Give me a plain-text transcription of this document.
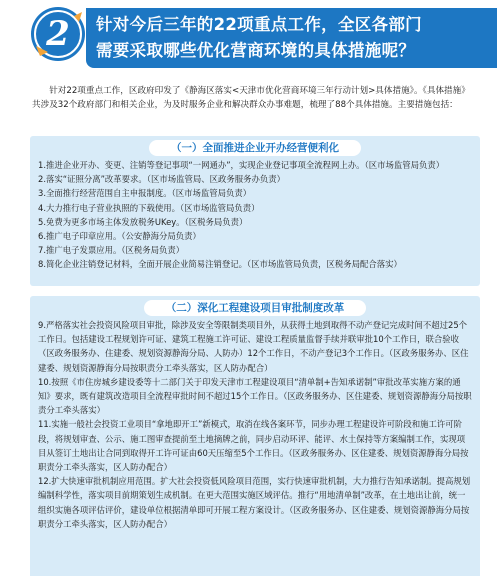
2	针对今后三年的22项重点工作，全区各部门
需要采取哪些优化营商环境的具体措施呢？
针对22项重点工作，区政府印发了《静海区落实<天津市优化营商环境三年行动计划>具体措施》。《具体措施》共涉及32个政府部门和相关企业，为及时服务企业和解决群众办事难题，梳理了88个具体措施。主要措施包括：
（一）全面推进企业开办经营便利化
1.推进企业开办、变更、注销等登记事项“一网通办”，实现企业登记事项全流程网上办。（区市场监管局负责）
2.落实“证照分离”改革要求。（区市场监管局、区政务服务办负责）
3.全面推行经营范围自主申报制度。（区市场监管局负责）
4.大力推行电子营业执照的下载使用。（区市场监管局负责）
5.免费为更多市场主体发放税务UKey。（区税务局负责）
6.推广电子印章应用。（公安静海分局负责）
7.推广电子发票应用。（区税务局负责）
8.简化企业注销登记材料，全面开展企业简易注销登记。（区市场监管局负责，区税务局配合落实）
（二）深化工程建设项目审批制度改革
9.严格落实社会投资风险项目审批，除涉及安全等限制类项目外，从获得土地到取得不动产登记完成时间不超过25个工作日。包括建设工程规划许可证、建筑工程施工许可证、建设工程质量监督手续并联审批10个工作日，联合验收（区政务服务办、住建委、规划资源静海分局、人防办）12个工作日，不动产登记3个工作日。（区政务服务办、区住建委、规划资源静海分局按职责分工牵头落实，区人防办配合）
10.按照《市住房城乡建设委等十二部门关于印发天津市工程建设项目“清单制+告知承诺制”审批改革实施方案的通知》要求，既有建筑改造项目全流程审批时间不超过15个工作日。（区政务服务办、区住建委、规划资源静海分局按职责分工牵头落实）
11.实施一般社会投资工业项目“拿地即开工”新模式，取消在线各案环节，同步办理工程建设许可阶段和施工许可阶段，将规划审查、公示、施工图审查提前至土地摘牌之前，同步启动环评、能评、水土保持等方案编制工作，实现项目从签订土地出让合同到取得开工许可证由60天压缩至5个工作日。（区政务服务办、区住建委、规划资源静海分局按职责分工牵头落实，区人防办配合）
12.扩大快速审批机制应用范围。扩大社会投资低风险项目范围，实行快速审批机制，大力推行告知承诺制。提高规划编制科学性，落实项目前期策划生成机制。在更大范围实施区域评估。推行“用地清单制”改革，在土地出让前，统一组织实施各项评估评价，建设单位根据清单即可开展工程方案设计。（区政务服务办、区住建委、规划资源静海分局按职责分工牵头落实，区人防办配合）
